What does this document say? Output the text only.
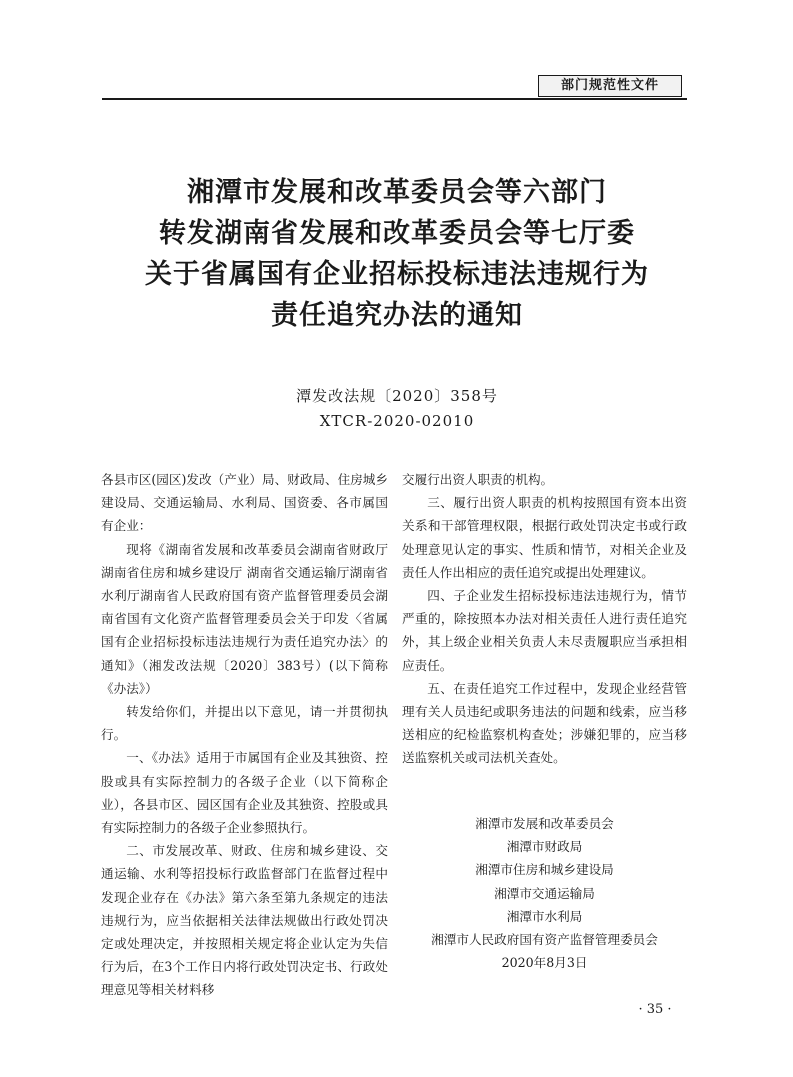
部门规范性文件
湘潭市发展和改革委员会等六部门
转发湖南省发展和改革委员会等七厅委
关于省属国有企业招标投标违法违规行为
责任追究办法的通知
潭发改法规〔2020〕358号
XTCR-2020-02010

各县市区(园区)发改（产业）局、财政局、住房城乡建设局、交通运输局、水利局、国资委、各市属国有企业：

现将《湖南省发展和改革委员会湖南省财政厅湖南省住房和城乡建设厅 湖南省交通运输厅湖南省水利厅湖南省人民政府国有资产监督管理委员会湖南省国有文化资产监督管理委员会关于印发〈省属国有企业招标投标违法违规行为责任追究办法〉的通知》（湘发改法规〔2020〕383号）(以下简称《办法》）

转发给你们，并提出以下意见，请一并贯彻执行。

一、《办法》适用于市属国有企业及其独资、控股或具有实际控制力的各级子企业（以下简称企业），各县市区、园区国有企业及其独资、控股或具有实际控制力的各级子企业参照执行。

二、市发展改革、财政、住房和城乡建设、交通运输、水利等招投标行政监督部门在监督过程中发现企业存在《办法》第六条至第九条规定的违法违规行为，应当依据相关法律法规做出行政处罚决定或处理决定，并按照相关规定将企业认定为失信行为后，在3个工作日内将行政处罚决定书、行政处理意见等相关材料移

交履行出资人职责的机构。

三、履行出资人职责的机构按照国有资本出资关系和干部管理权限，根据行政处罚决定书或行政处理意见认定的事实、性质和情节，对相关企业及责任人作出相应的责任追究或提出处理建议。

四、子企业发生招标投标违法违规行为，情节严重的，除按照本办法对相关责任人进行责任追究外，其上级企业相关负责人未尽责履职应当承担相应责任。

五、在责任追究工作过程中，发现企业经营管理有关人员违纪或职务违法的问题和线索，应当移送相应的纪检监察机构查处；涉嫌犯罪的，应当移送监察机关或司法机关查处。

湘潭市发展和改革委员会
湘潭市财政局
湘潭市住房和城乡建设局
湘潭市交通运输局
湘潭市水利局
湘潭市人民政府国有资产监督管理委员会
2020年8月3日
· 35 ·
